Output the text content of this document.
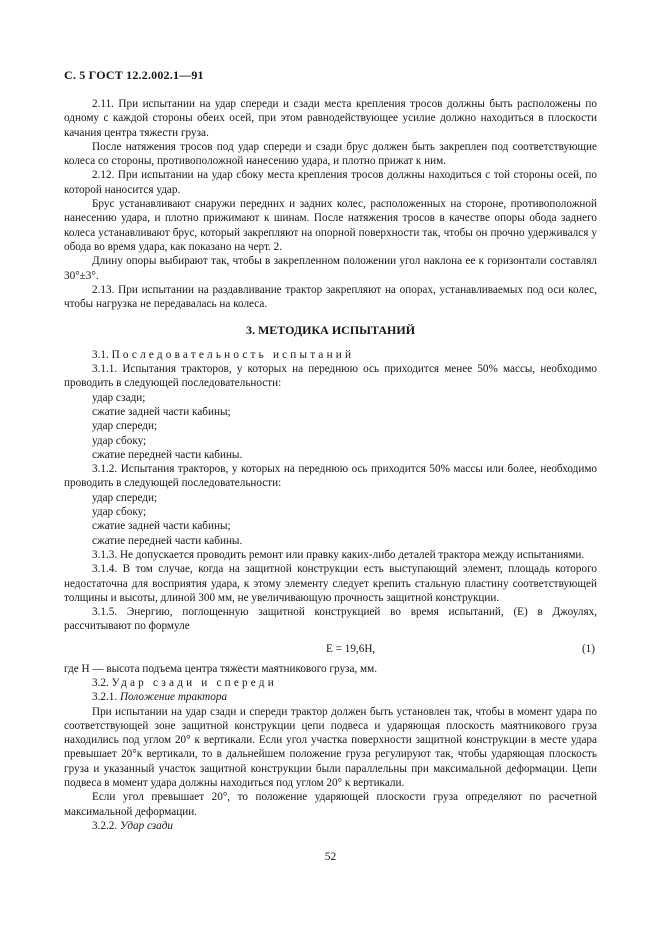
С. 5 ГОСТ 12.2.002.1—91

2.11. При испытании на удар спереди и сзади места крепления тросов должны быть расположены по одному с каждой стороны обеих осей, при этом равнодействующее усилие должно находиться в плоскости качания центра тяжести груза.

После натяжения тросов под удар спереди и сзади брус должен быть закреплен под соответствующие колеса со стороны, противоположной нанесению удара, и плотно прижат к ним.

2.12. При испытании на удар сбоку места крепления тросов должны находиться с той стороны осей, по которой наносится удар.

Брус устанавливают снаружи передних и задних колес, расположенных на стороне, противоположной нанесению удара, и плотно прижимают к шинам. После натяжения тросов в качестве опоры обода заднего колеса устанавливают брус, который закрепляют на опорной поверхности так, чтобы он прочно удерживался у обода во время удара, как показано на черт. 2.

Длину опоры выбирают так, чтобы в закрепленном положении угол наклона ее к горизонтали составлял 30°±3°.

2.13. При испытании на раздавливание трактор закрепляют на опорах, устанавливаемых под оси колес, чтобы нагрузка не передавалась на колеса.

3. МЕТОДИКА ИСПЫТАНИЙ

3.1. Последовательность испытаний

3.1.1. Испытания тракторов, у которых на переднюю ось приходится менее 50% массы, необходимо проводить в следующей последовательности:

удар сзади;

сжатие задней части кабины;

удар спереди;

удар сбоку;

сжатие передней части кабины.

3.1.2. Испытания тракторов, у которых на переднюю ось приходится 50% массы или более, необходимо проводить в следующей последовательности:

удар спереди;

удар сбоку;

сжатие задней части кабины;

сжатие передней части кабины.

3.1.3. Не допускается проводить ремонт или правку каких-либо деталей трактора между испытаниями.

3.1.4. В том случае, когда на защитной конструкции есть выступающий элемент, площадь которого недостаточна для восприятия удара, к этому элементу следует крепить стальную пластину соответствующей толщины и высоты, длиной 300 мм, не увеличивающую прочность защитной конструкции.

3.1.5. Энергию, поглощенную защитной конструкцией во время испытаний, (Е) в Джоулях, рассчитывают по формуле

E = 19,6H,	(1)

где H — высота подъема центра тяжести маятникового груза, мм.

3.2. Удар сзади и спереди

3.2.1. Положение трактора

При испытании на удар сзади и спереди трактор должен быть установлен так, чтобы в момент удара по соответствующей зоне защитной конструкции цепи подвеса и ударяющая плоскость маятникового груза находились под углом 20° к вертикали. Если угол участка поверхности защитной конструкции в месте удара превышает 20°к вертикали, то в дальнейшем положение груза регулируют так, чтобы ударяющая плоскость груза и указанный участок защитной конструкции были параллельны при максимальной деформации. Цепи подвеса в момент удара должны находиться под углом 20° к вертикали.

Если угол превышает 20°, то положение ударяющей плоскости груза определяют по расчетной максимальной деформации.

3.2.2. Удар сзади

52
